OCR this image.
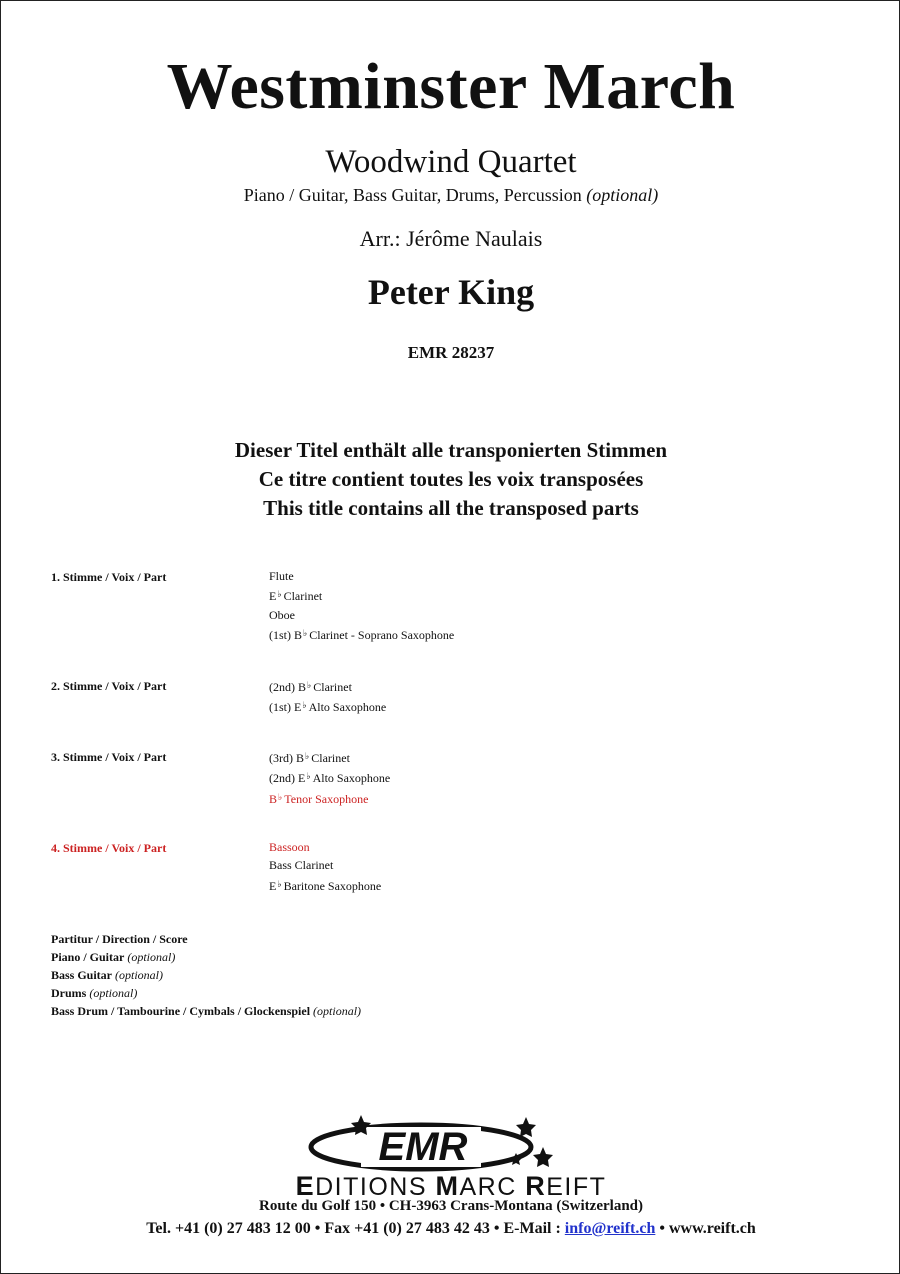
Westminster March
Woodwind Quartet
Piano / Guitar, Bass Guitar, Drums, Percussion (optional)
Arr.: Jérôme Naulais
Peter King
EMR 28237
Dieser Titel enthält alle transponierten Stimmen
Ce titre contient toutes les voix transposées
This title contains all the transposed parts
1. Stimme / Voix / Part	Flute
E♭ Clarinet
Oboe
(1st) B♭ Clarinet - Soprano Saxophone
2. Stimme / Voix / Part	(2nd) B♭ Clarinet
(1st) E♭ Alto Saxophone
3. Stimme / Voix / Part	(3rd) B♭ Clarinet
(2nd) E♭ Alto Saxophone
B♭ Tenor Saxophone
4. Stimme / Voix / Part	Bassoon
Bass Clarinet
E♭ Baritone Saxophone
Partitur / Direction / Score
Piano / Guitar (optional)
Bass Guitar (optional)
Drums (optional)
Bass Drum / Tambourine / Cymbals / Glockenspiel (optional)
EMR
EDITIONS MARC REIFT
Route du Golf 150 • CH-3963 Crans-Montana (Switzerland)
Tel. +41 (0) 27 483 12 00 • Fax +41 (0) 27 483 42 43 • E-Mail : info@reift.ch • www.reift.ch
